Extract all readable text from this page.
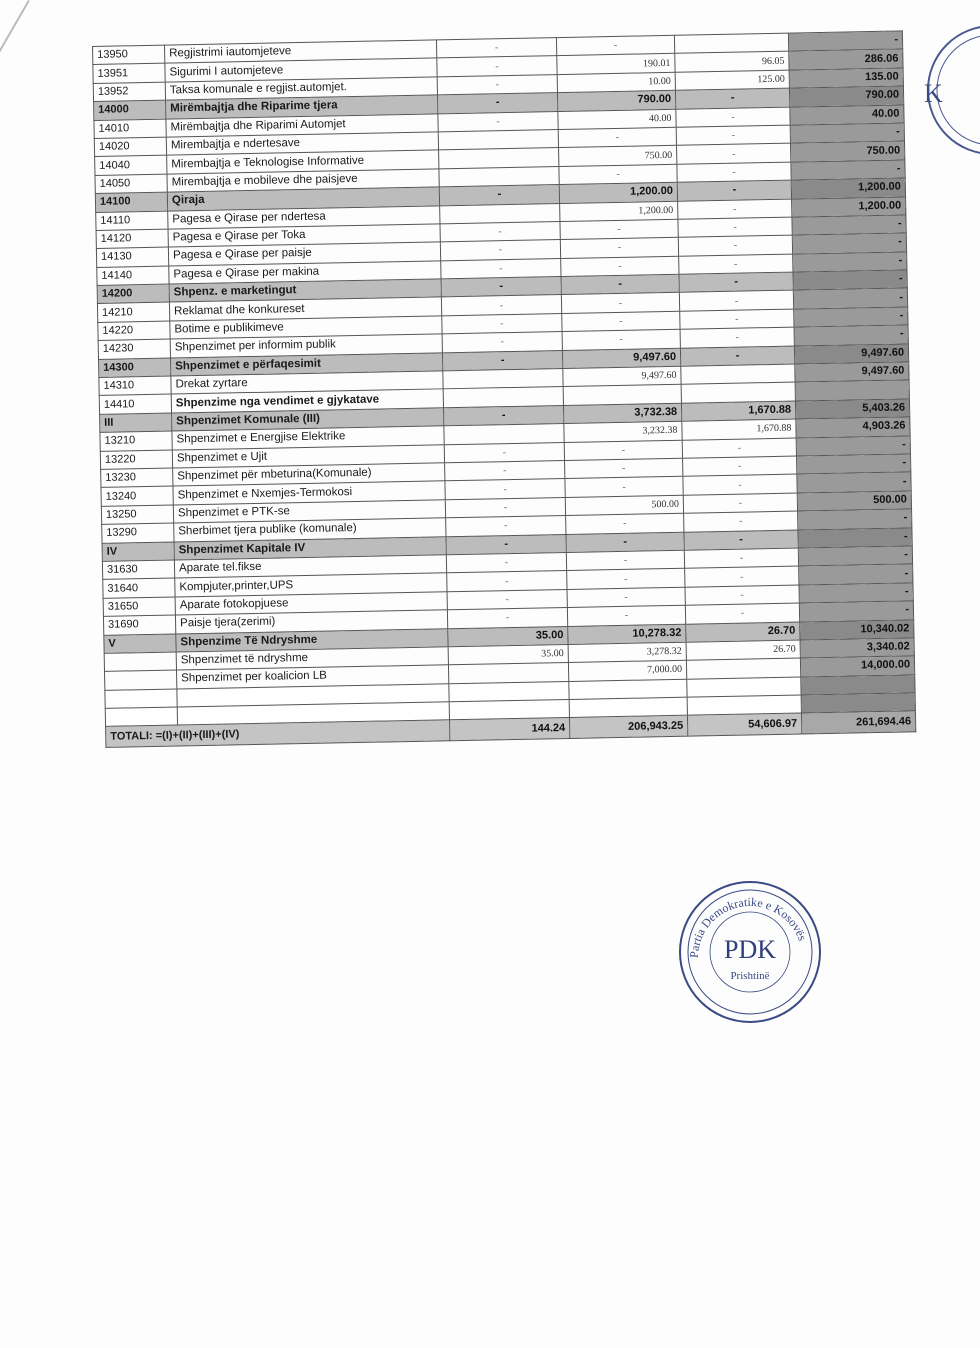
13950	Regjistrimi iautomjeteve	-	-		-
13951	Sigurimi I automjeteve	-	190.01	96.05	286.06
13952	Taksa komunale e regjist.automjet.	-	10.00	125.00	135.00
14000	Mirëmbajtja dhe Riparime tjera	-	790.00	-	790.00
14010	Mirëmbajtja dhe Riparimi Automjet	-	40.00	-	40.00
14020	Mirembajtja e ndertesave		-	-	-
14040	Mirembajtja e Teknologise Informative		750.00	-	750.00
14050	Mirembajtja e mobileve dhe paisjeve		-	-	-
14100	Qiraja	-	1,200.00	-	1,200.00
14110	Pagesa e Qirase per ndertesa		1,200.00	-	1,200.00
14120	Pagesa e Qirase per Toka	-	-	-	-
14130	Pagesa e Qirase per paisje	-	-	-	-
14140	Pagesa e Qirase per makina	-	-	-	-
14200	Shpenz. e marketingut	-	-	-	-
14210	Reklamat dhe konkureset	-	-	-	-
14220	Botime e publikimeve	-	-	-	-
14230	Shpenzimet per informim publik	-	-	-	-
14300	Shpenzimet e përfaqesimit	-	9,497.60	-	9,497.60
14310	Drekat zyrtare		9,497.60		9,497.60
14410	Shpenzime nga vendimet e gjykatave				
III	Shpenzimet Komunale (III)	-	3,732.38	1,670.88	5,403.26
13210	Shpenzimet e Energjise Elektrike		3,232.38	1,670.88	4,903.26
13220	Shpenzimet e Ujit	-	-	-	-
13230	Shpenzimet për mbeturina(Komunale)	-	-	-	-
13240	Shpenzimet e Nxemjes-Termokosi	-	-	-	-
13250	Shpenzimet e PTK-se	-	500.00	-	500.00
13290	Sherbimet tjera publike (komunale)	-	-	-	-
IV	Shpenzimet Kapitale IV	-	-	-	-
31630	Aparate tel.fikse	-	-	-	-
31640	Kompjuter,printer,UPS	-	-	-	-
31650	Aparate fotokopjuese	-	-	-	-
31690	Paisje tjera(zerimi)	-	-	-	-
V	Shpenzime Të Ndryshme	35.00	10,278.32	26.70	10,340.02
	Shpenzimet të ndryshme	35.00	3,278.32	26.70	3,340.02
	Shpenzimet per koalicion LB		7,000.00		14,000.00

TOTALI: =(I)+(II)+(III)+(IV)		144.24	206,943.25	54,606.97	261,694.46
K
Partia Demokratike e Kosovës
PDK
Prishtinë
